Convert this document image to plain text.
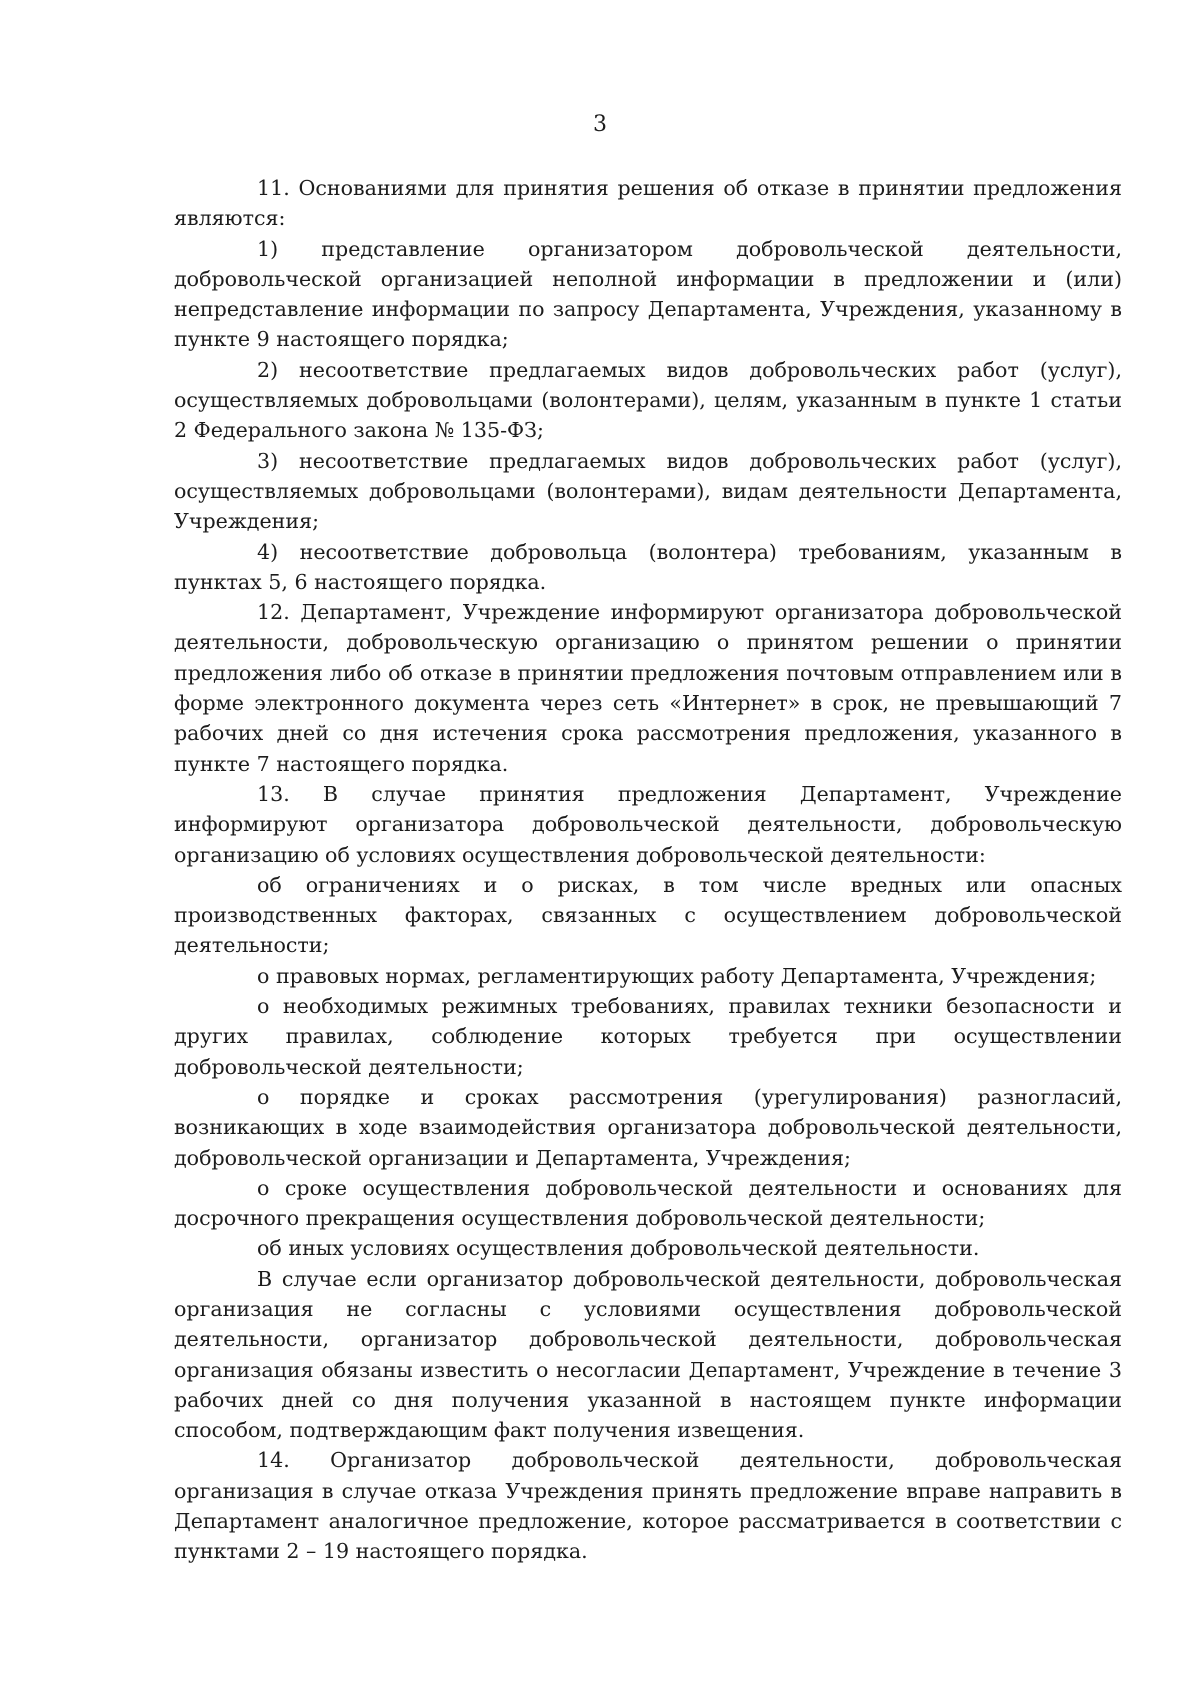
3

11. Основаниями для принятия решения об отказе в принятии предложения являются:

1) представление организатором добровольческой деятельности, добровольческой организацией неполной информации в предложении и (или) непредставление информации по запросу Департамента, Учреждения, указанному в пункте 9 настоящего порядка;

2) несоответствие предлагаемых видов добровольческих работ (услуг), осуществляемых добровольцами (волонтерами), целям, указанным в пункте 1 статьи 2 Федерального закона № 135-ФЗ;

3) несоответствие предлагаемых видов добровольческих работ (услуг), осуществляемых добровольцами (волонтерами), видам деятельности Департамента, Учреждения;

4) несоответствие добровольца (волонтера) требованиям, указанным в пунктах 5, 6 настоящего порядка.

12. Департамент, Учреждение информируют организатора добровольческой деятельности, добровольческую организацию о принятом решении о принятии предложения либо об отказе в принятии предложения почтовым отправлением или в форме электронного документа через сеть «Интернет» в срок, не превышающий 7 рабочих дней со дня истечения срока рассмотрения предложения, указанного в пункте 7 настоящего порядка.

13. В случае принятия предложения Департамент, Учреждение информируют организатора добровольческой деятельности, добровольческую организацию об условиях осуществления добровольческой деятельности:

об ограничениях и о рисках, в том числе вредных или опасных производственных факторах, связанных с осуществлением добровольческой деятельности;

о правовых нормах, регламентирующих работу Департамента, Учреждения;

о необходимых режимных требованиях, правилах техники безопасности и других правилах, соблюдение которых требуется при осуществлении добровольческой деятельности;

о порядке и сроках рассмотрения (урегулирования) разногласий, возникающих в ходе взаимодействия организатора добровольческой деятельности, добровольческой организации и Департамента, Учреждения;

о сроке осуществления добровольческой деятельности и основаниях для досрочного прекращения осуществления добровольческой деятельности;

об иных условиях осуществления добровольческой деятельности.

В случае если организатор добровольческой деятельности, добровольческая организация не согласны с условиями осуществления добровольческой деятельности, организатор добровольческой деятельности, добровольческая организация обязаны известить о несогласии Департамент, Учреждение в течение 3 рабочих дней со дня получения указанной в настоящем пункте информации способом, подтверждающим факт получения извещения.

14. Организатор добровольческой деятельности, добровольческая организация в случае отказа Учреждения принять предложение вправе направить в Департамент аналогичное предложение, которое рассматривается в соответствии с пунктами 2 – 19 настоящего порядка.
